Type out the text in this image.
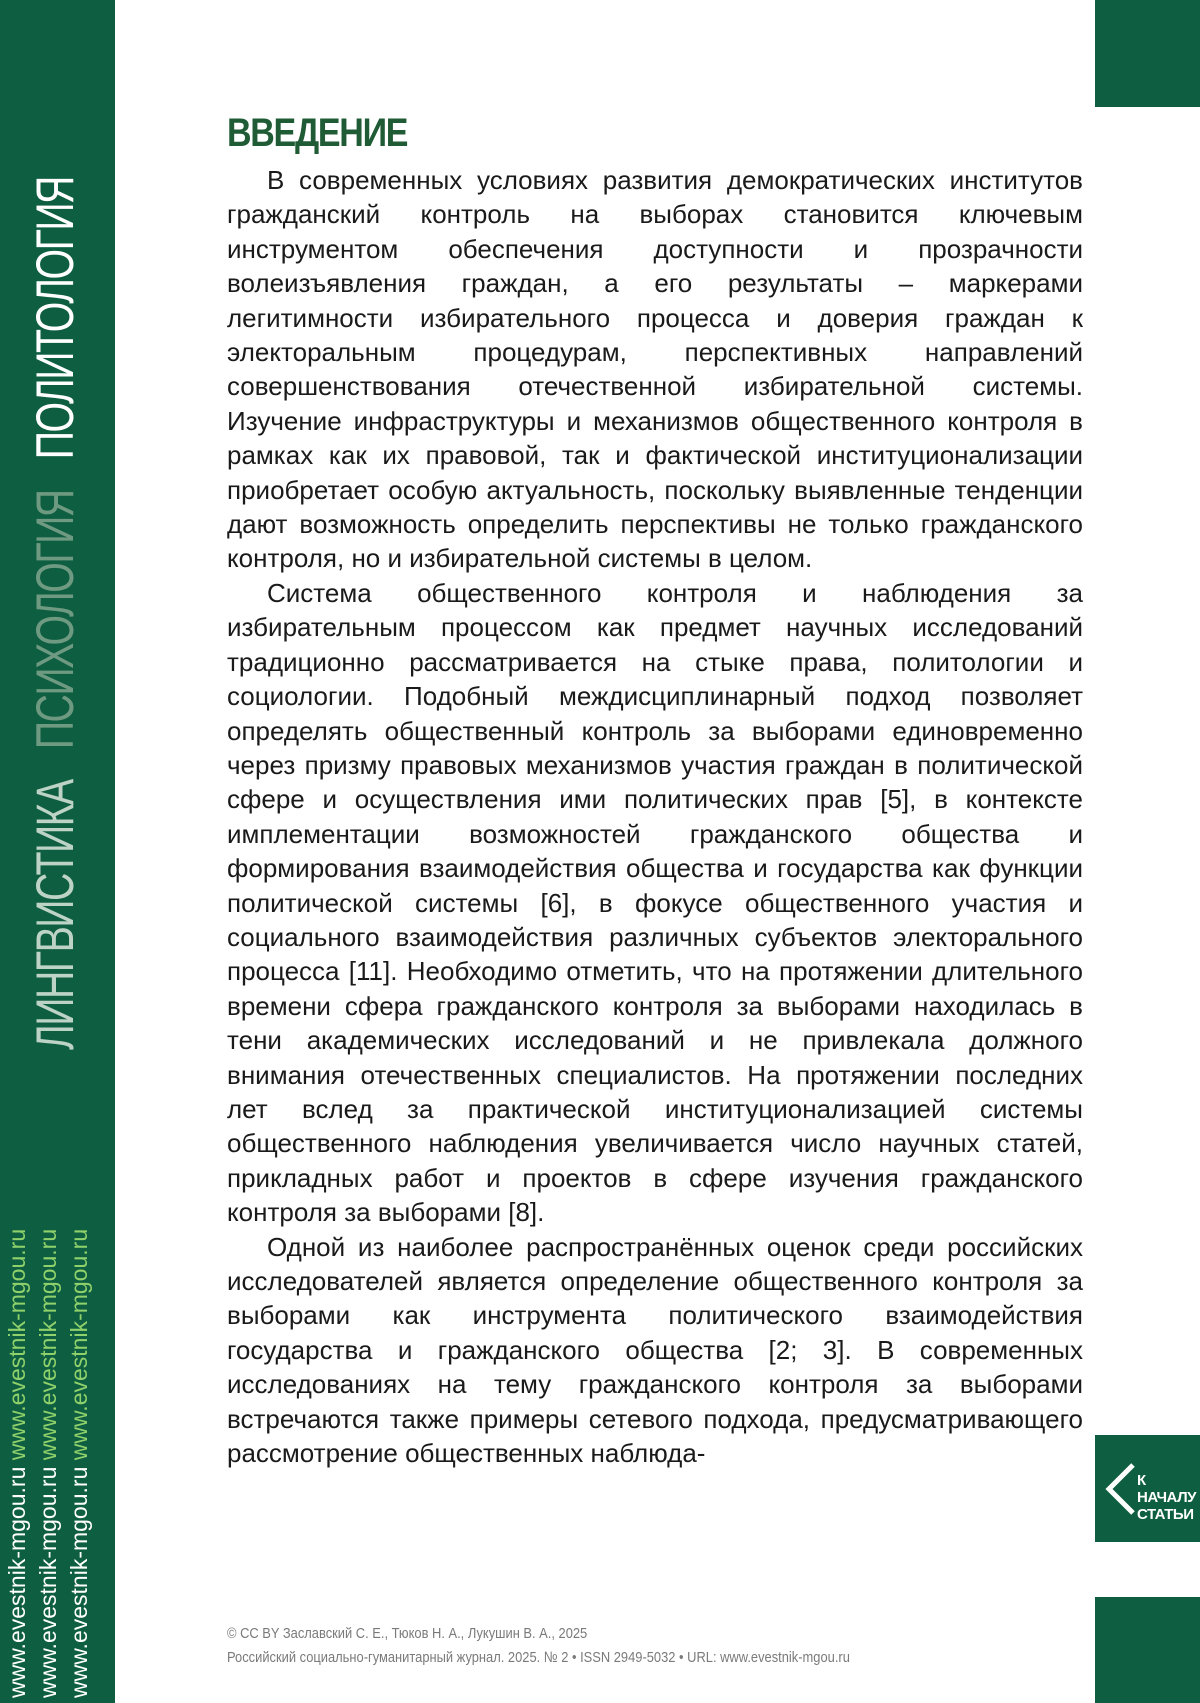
ЛИНГВИСТИКАПСИХОЛОГИЯПОЛИТОЛОГИЯ
www.evestnik-mgou.ru www.evestnik-mgou.ru
www.evestnik-mgou.ru www.evestnik-mgou.ru
www.evestnik-mgou.ru www.evestnik-mgou.ru
ВВЕДЕНИЕ

В современных условиях развития демократических институтов гражданский контроль на выборах становится ключевым инструментом обеспечения доступности и прозрачности волеизъявления граждан, а его результаты – маркерами легитимности избирательного процесса и доверия граждан к электоральным процедурам, перспективных направлений совершенствования отечественной избирательной системы. Изучение инфраструктуры и механизмов общественного контроля в рамках как их правовой, так и фактической институционализации приобретает особую актуальность, поскольку выявленные тенденции дают возможность определить перспективы не только гражданского контроля, но и избирательной системы в целом.

Система общественного контроля и наблюдения за избирательным процессом как предмет научных исследований традиционно рассматривается на стыке права, политологии и социологии. Подобный междисциплинарный подход позволяет определять общественный контроль за выборами единовременно через призму правовых механизмов участия граждан в политической сфере и осуществления ими политических прав [5], в контексте имплементации возможностей гражданского общества и формирования взаимодействия общества и государства как функции политической системы [6], в фокусе общественного участия и социального взаимодействия различных субъектов электорального процесса [11]. Необходимо отметить, что на протяжении длительного времени сфера гражданского контроля за выборами находилась в тени академических исследований и не привлекала должного внимания отечественных специалистов. На протяжении последних лет вслед за практической институционализацией системы общественного наблюдения увеличивается число научных статей, прикладных работ и проектов в сфере изучения гражданского контроля за выборами [8].

Одной из наиболее распространённых оценок среди российских исследователей является определение общественного контроля за выборами как инструмента политического взаимодействия государства и гражданского общества [2; 3]. В современных исследованиях на тему гражданского контроля за выборами встречаются также примеры сетевого подхода, предусматривающего рассмотрение общественных наблюда-

К НАЧАЛУ СТАТЬИ
© CC BY Заславский С. Е., Тюков Н. А., Лукушин В. А., 2025
Российский социально-гуманитарный журнал. 2025. № 2 • ISSN 2949-5032 • URL: www.evestnik-mgou.ru
